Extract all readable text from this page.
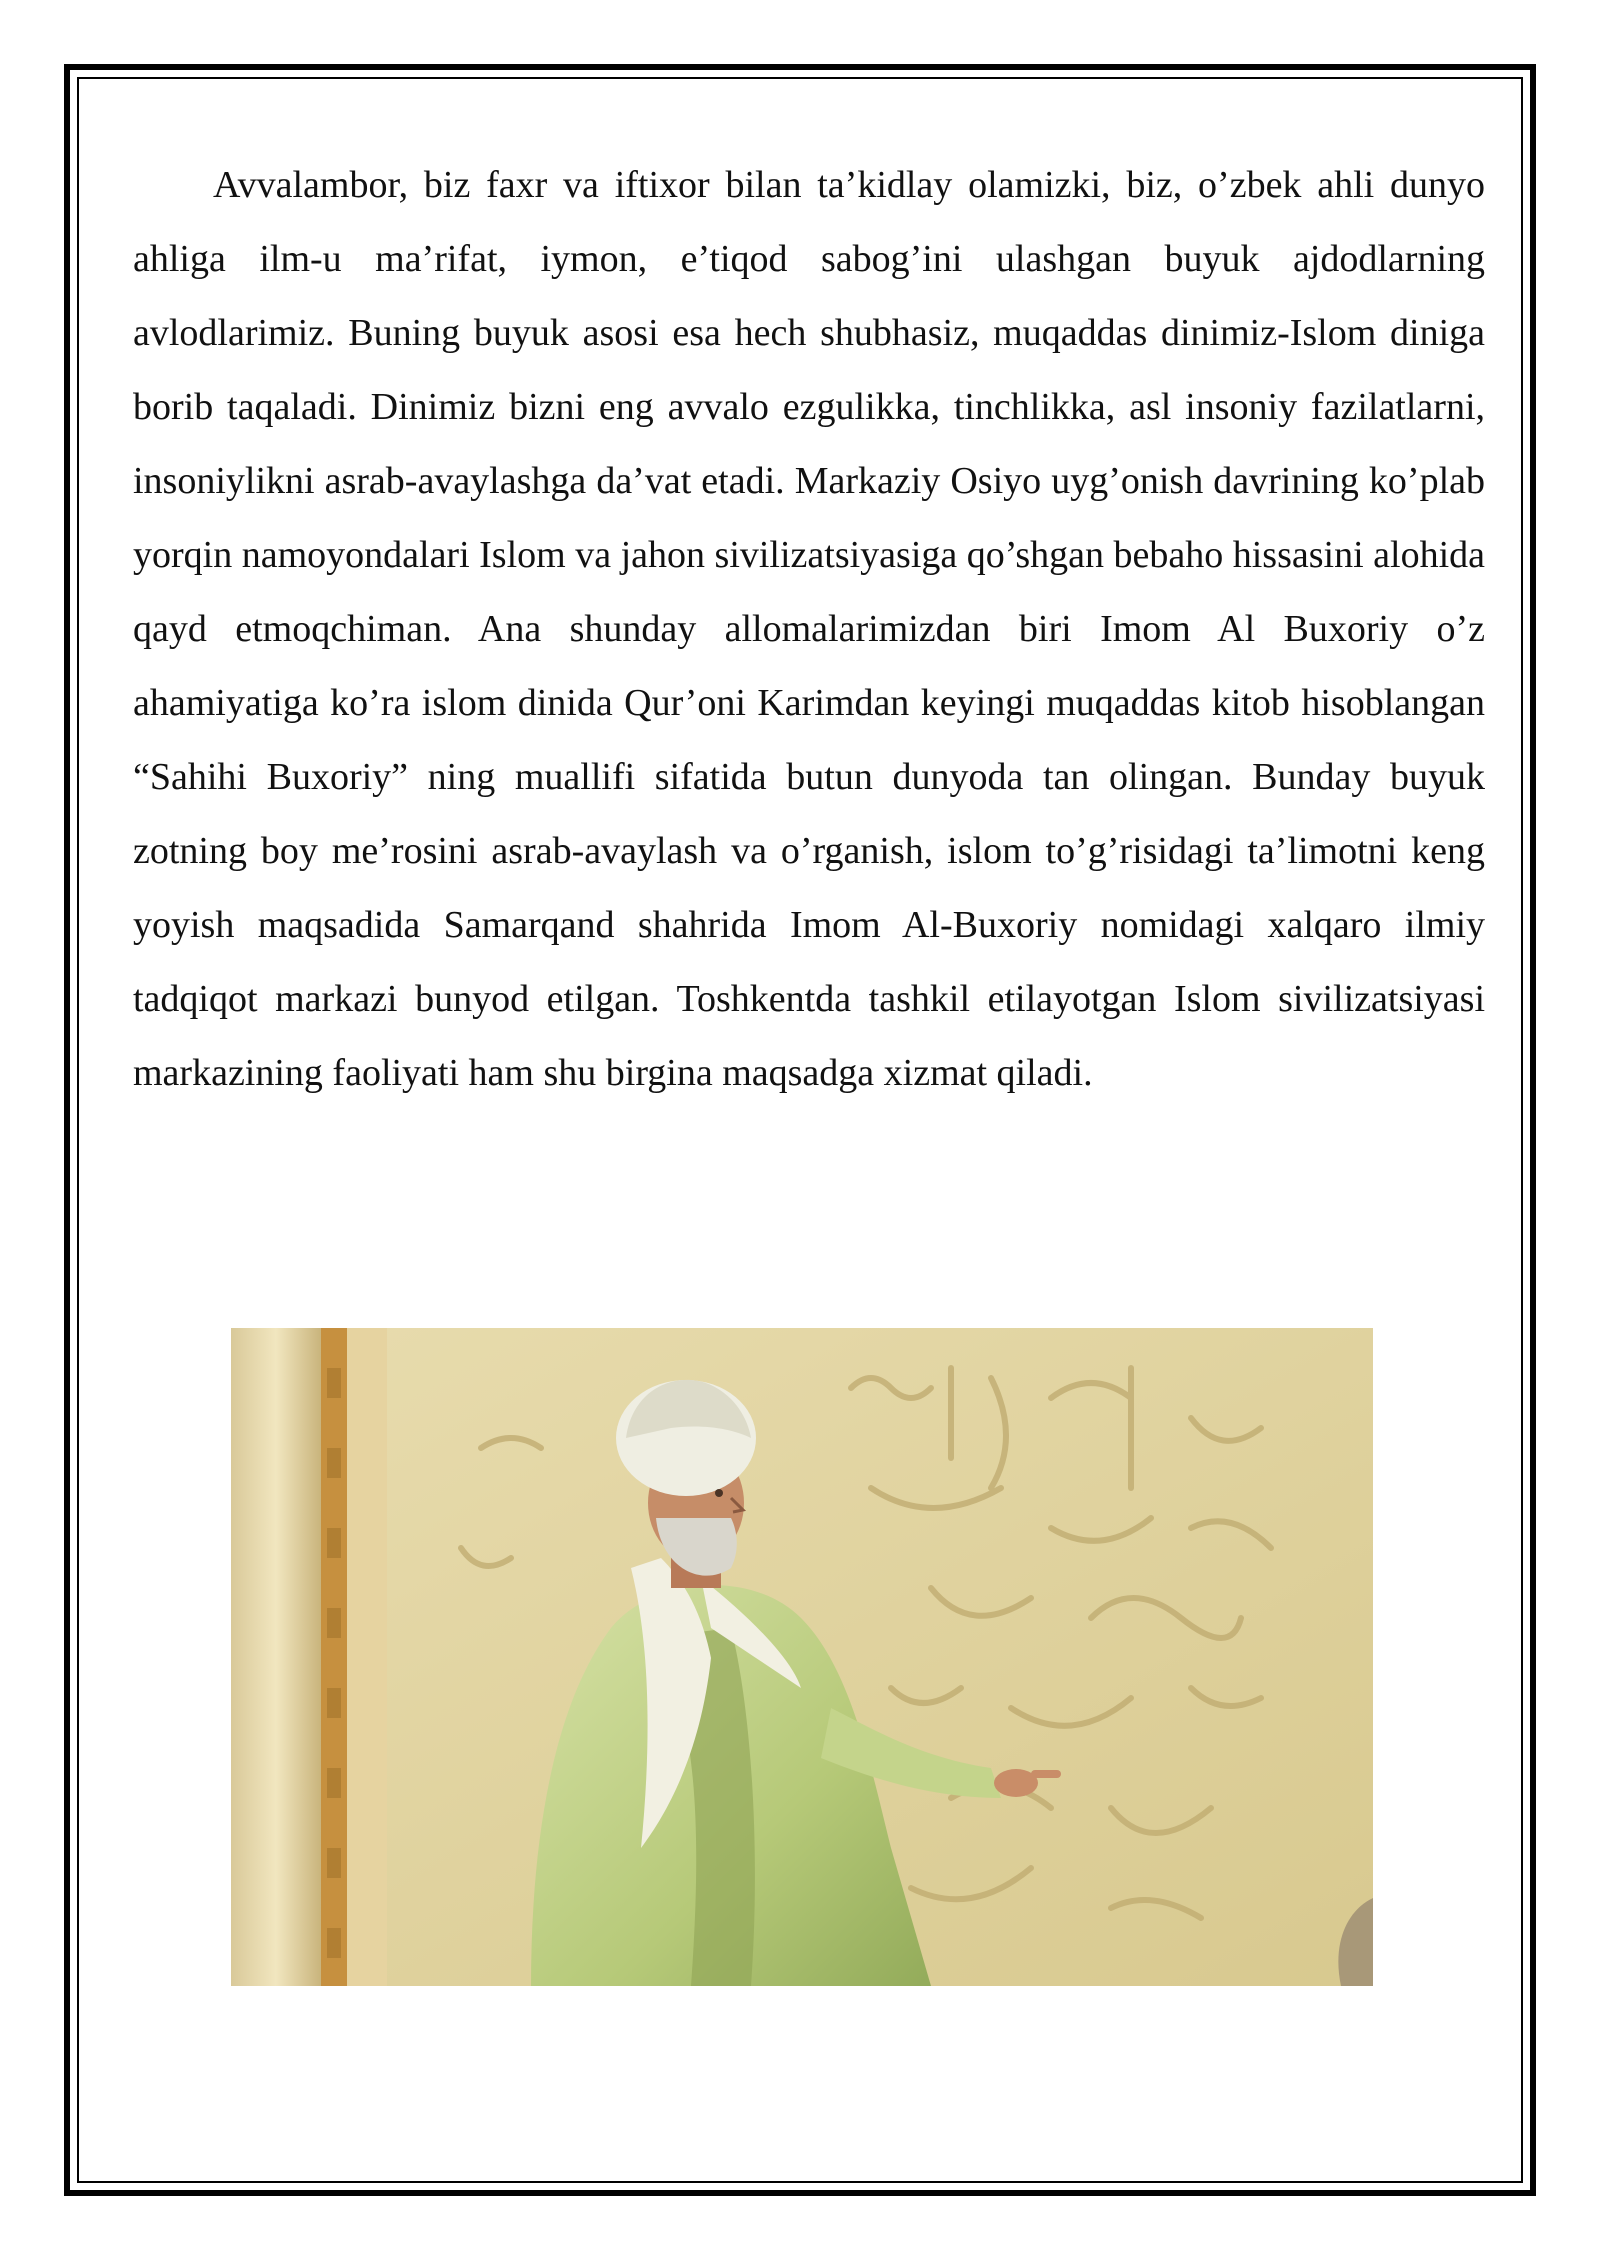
Avvalambor, biz faxr va iftixor bilan ta’kidlay olamizki, biz, o’zbek ahli dunyo ahliga ilm-u ma’rifat, iymon, e’tiqod sabog’ini ulashgan buyuk ajdodlarning avlodlarimiz. Buning buyuk asosi esa hech shubhasiz, muqaddas dinimiz-Islom diniga borib taqaladi. Dinimiz bizni eng avvalo ezgulikka, tinchlikka, asl insoniy fazilatlarni, insoniylikni asrab-avaylashga da’vat etadi. Markaziy Osiyo uyg’onish davrining ko’plab yorqin namoyondalari Islom va jahon sivilizatsiyasiga qo’shgan bebaho hissasini alohida qayd etmoqchiman. Ana shunday allomalarimizdan biri Imom Al Buxoriy o’z ahamiyatiga ko’ra islom dinida Qur’oni Karimdan keyingi muqaddas kitob hisoblangan “Sahihi Buxoriy” ning muallifi sifatida butun dunyoda tan olingan. Bunday buyuk zotning boy me’rosini asrab-avaylash va o’rganish, islom to’g’risidagi ta’limotni keng yoyish maqsadida Samarqand shahrida Imom Al-Buxoriy nomidagi xalqaro ilmiy tadqiqot markazi bunyod etilgan. Toshkentda tashkil etilayotgan Islom sivilizatsiyasi markazining faoliyati ham shu birgina maqsadga xizmat qiladi.
